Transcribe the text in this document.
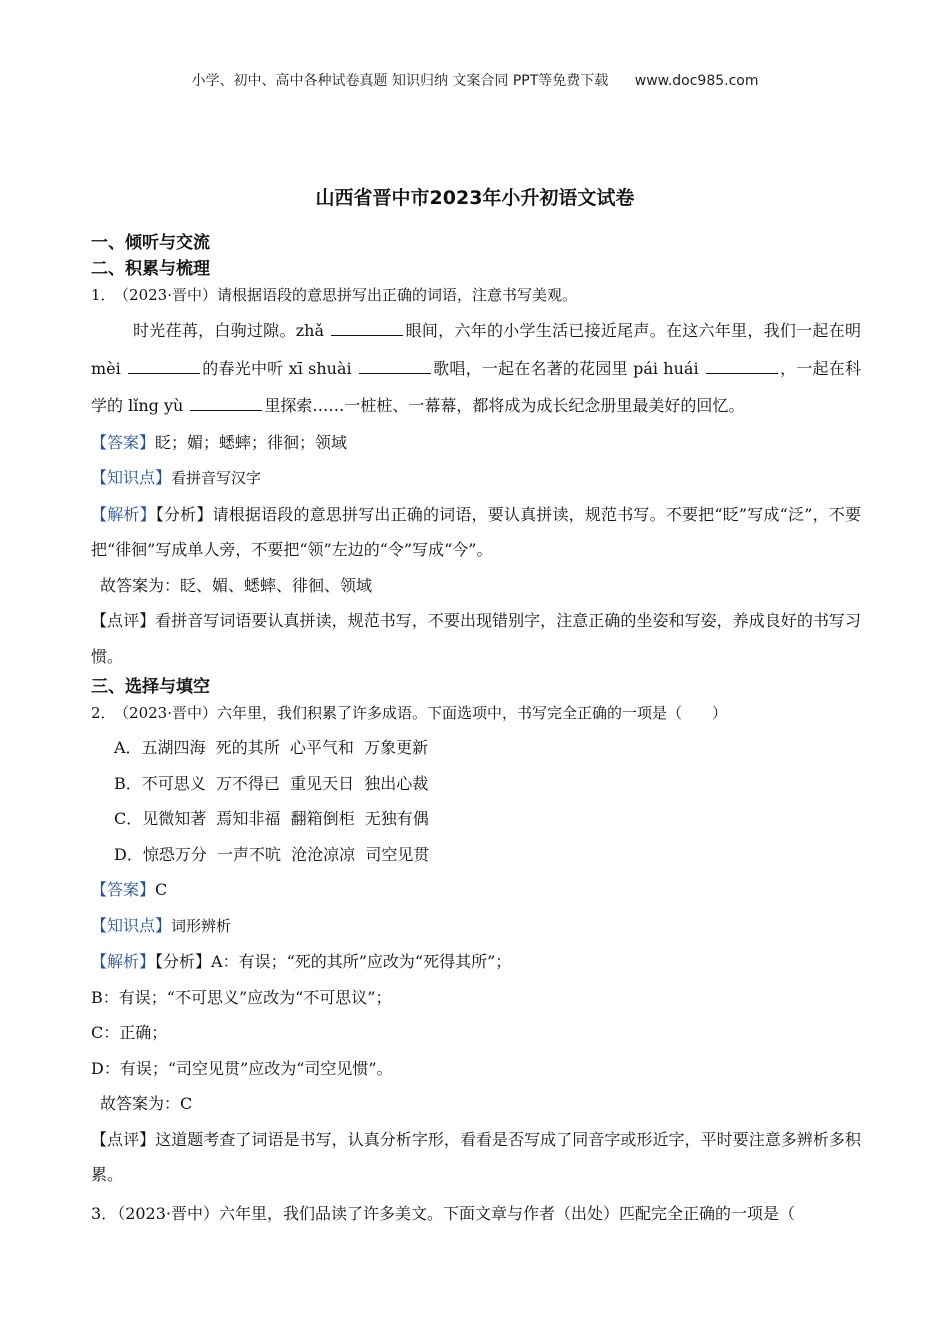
小学、初中、高中各种试卷真题 知识归纳 文案合同 PPT等免费下载 www.doc985.com
山西省晋中市2023年小升初语文试卷

一、倾听与交流

二、积累与梳理

1． （2023·晋中）请根据语段的意思拼写出正确的词语，注意书写美观。

时光荏苒，白驹过隙。zhǎ	眼间，六年的小学生活已接近尾声。在这六年里，我们一起在明 mèi	的春光中听 xī shuài	歌唱，一起在名著的花园里 pái huái	，一起在科学的 lǐng yù	里探索……一桩桩、一幕幕，都将成为成长纪念册里最美好的回忆。

【答案】眨；媚；蟋蟀；徘徊；领域

【知识点】看拼音写汉字

【解析】【分析】请根据语段的意思拼写出正确的词语，要认真拼读，规范书写。不要把“眨”写成“泛”，不要把“徘徊”写成单人旁，不要把“领”左边的“令”写成“今”。

故答案为：眨、媚、蟋蟀、徘徊、领域

【点评】看拼音写词语要认真拼读，规范书写，不要出现错别字，注意正确的坐姿和写姿，养成良好的书写习惯。

三、选择与填空

2． （2023·晋中）六年里，我们积累了许多成语。下面选项中，书写完全正确的一项是（　　）

A．五湖四海  死的其所  心平气和  万象更新

B．不可思义  万不得已  重见天日  独出心裁

C．见微知著  焉知非福  翻箱倒柜  无独有偶

D．惊恐万分  一声不吭  沧沧凉凉  司空见贯

【答案】C

【知识点】词形辨析

【解析】【分析】A：有误；“死的其所”应改为“死得其所”；

B：有误；“不可思义”应改为“不可思议”；

C：正确；

D：有误；“司空见贯”应改为“司空见惯”。

故答案为：C

【点评】这道题考查了词语是书写，认真分析字形，看看是否写成了同音字或形近字，平时要注意多辨析多积累。

3．（2023·晋中）六年里，我们品读了许多美文。下面文章与作者（出处）匹配完全正确的一项是（
